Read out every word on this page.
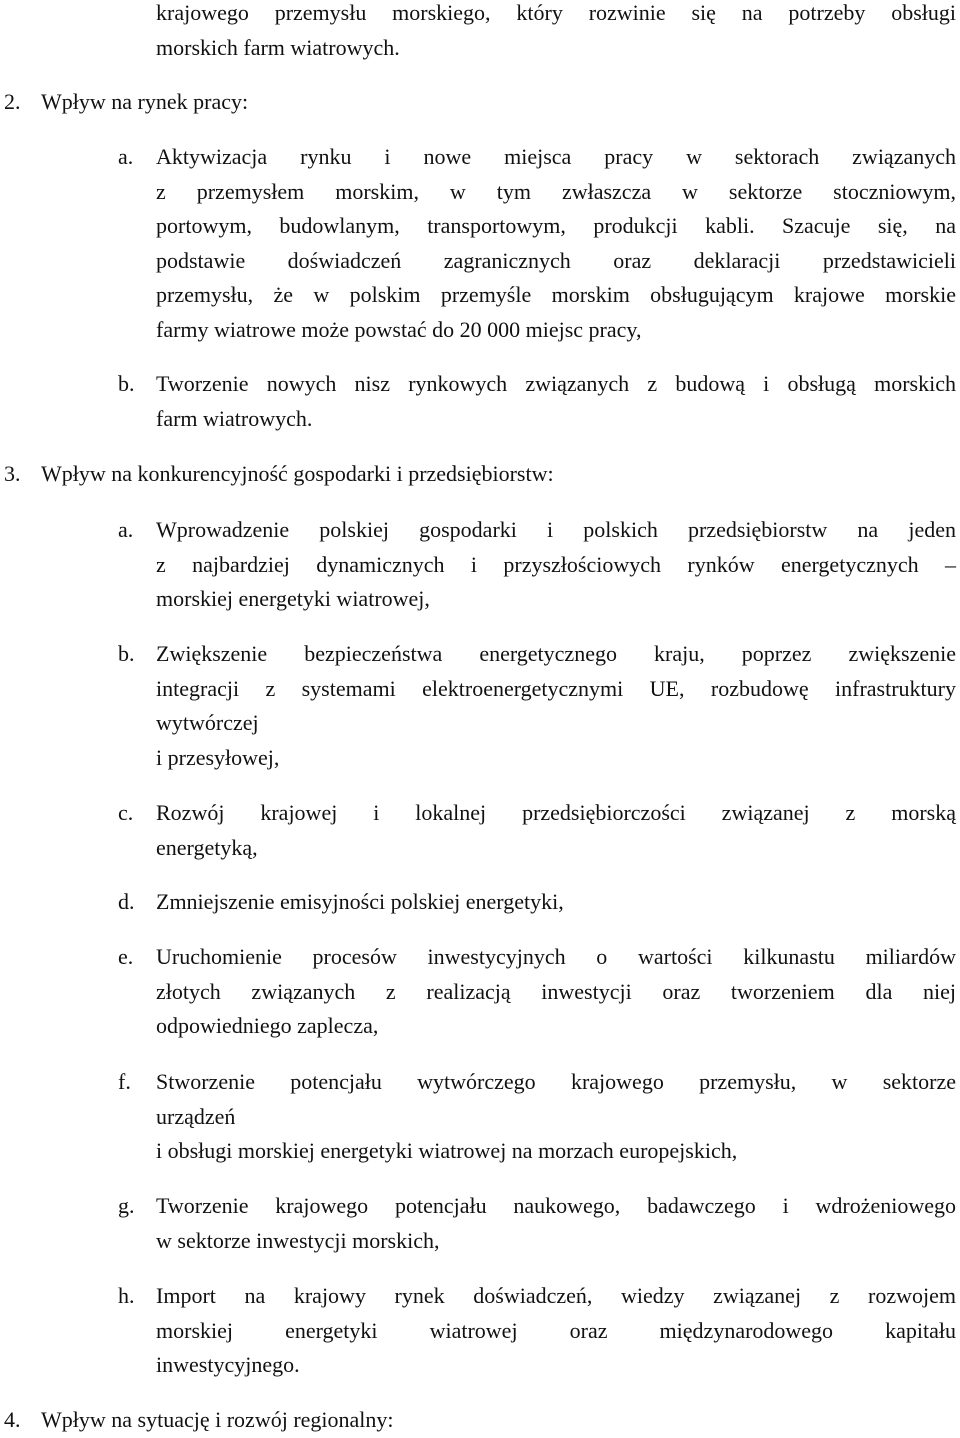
krajowego przemysłu morskiego, który rozwinie się na potrzeby obsługi
morskich farm wiatrowych.
2. Wpływ na rynek pracy:
a. Aktywizacja rynku i nowe miejsca pracy w sektorach związanych
z przemysłem morskim, w tym zwłaszcza w sektorze stoczniowym,
portowym, budowlanym, transportowym, produkcji kabli. Szacuje się, na
podstawie doświadczeń zagranicznych oraz deklaracji przedstawicieli
przemysłu, że w polskim przemyśle morskim obsługującym krajowe morskie
farmy wiatrowe może powstać do 20 000 miejsc pracy,
b. Tworzenie nowych nisz rynkowych związanych z budową i obsługą morskich
farm wiatrowych.
3. Wpływ na konkurencyjność gospodarki i przedsiębiorstw:
a. Wprowadzenie polskiej gospodarki i polskich przedsiębiorstw na jeden
z najbardziej dynamicznych i przyszłościowych rynków energetycznych –
morskiej energetyki wiatrowej,
b. Zwiększenie bezpieczeństwa energetycznego kraju, poprzez zwiększenie
integracji z systemami elektroenergetycznymi UE, rozbudowę infrastruktury
wytwórczej
i przesyłowej,
c. Rozwój krajowej i lokalnej przedsiębiorczości związanej z morską
energetyką,
d. Zmniejszenie emisyjności polskiej energetyki,
e. Uruchomienie procesów inwestycyjnych o wartości kilkunastu miliardów
złotych związanych z realizacją inwestycji oraz tworzeniem dla niej
odpowiedniego zaplecza,
f. Stworzenie potencjału wytwórczego krajowego przemysłu, w sektorze
urządzeń
i obsługi morskiej energetyki wiatrowej na morzach europejskich,
g. Tworzenie krajowego potencjału naukowego, badawczego i wdrożeniowego
w sektorze inwestycji morskich,
h. Import na krajowy rynek doświadczeń, wiedzy związanej z rozwojem
morskiej energetyki wiatrowej oraz międzynarodowego kapitału
inwestycyjnego.
4. Wpływ na sytuację i rozwój regionalny:
